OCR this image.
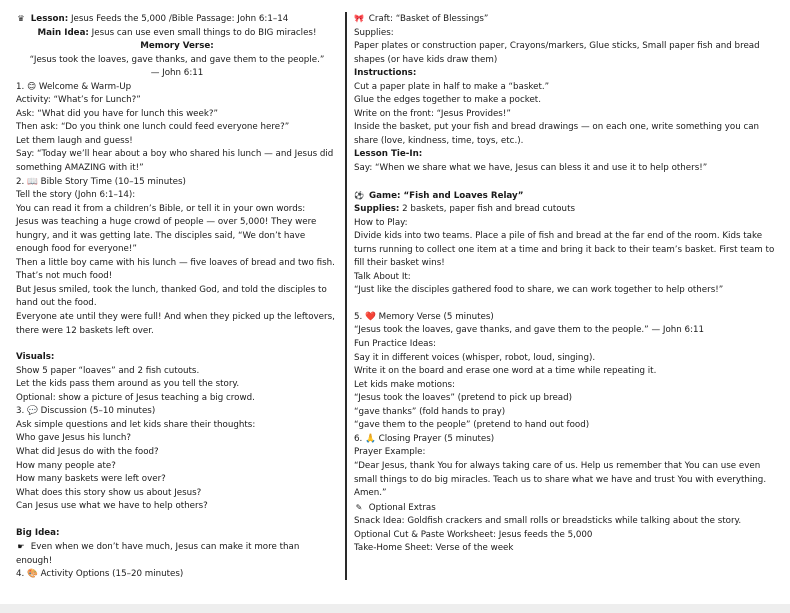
♛ Lesson: Jesus Feeds the 5,000 /Bible Passage: John 6:1–14
Main Idea: Jesus can use even small things to do BIG miracles!
Memory Verse:
“Jesus took the loaves, gave thanks, and gave them to the people.”
— John 6:11
1. 😊 Welcome & Warm-Up
Activity: “What’s for Lunch?”
Ask: “What did you have for lunch this week?”
Then ask: “Do you think one lunch could feed everyone here?”
Let them laugh and guess!
Say: “Today we’ll hear about a boy who shared his lunch — and Jesus did something AMAZING with it!”
2. 📖 Bible Story Time (10–15 minutes)
Tell the story (John 6:1–14):
You can read it from a children’s Bible, or tell it in your own words:
Jesus was teaching a huge crowd of people — over 5,000! They were hungry, and it was getting late. The disciples said, “We don’t have enough food for everyone!”
Then a little boy came with his lunch — five loaves of bread and two fish. That’s not much food!
But Jesus smiled, took the lunch, thanked God, and told the disciples to hand out the food.
Everyone ate until they were full! And when they picked up the leftovers, there were 12 baskets left over.
Visuals:
Show 5 paper “loaves” and 2 fish cutouts.
Let the kids pass them around as you tell the story.
Optional: show a picture of Jesus teaching a big crowd.
3. 💬 Discussion (5–10 minutes)
Ask simple questions and let kids share their thoughts:
Who gave Jesus his lunch?
What did Jesus do with the food?
How many people ate?
How many baskets were left over?
What does this story show us about Jesus?
Can Jesus use what we have to help others?
Big Idea:
☛ Even when we don’t have much, Jesus can make it more than enough!
4. 🎨 Activity Options (15–20 minutes)
🎀 Craft: “Basket of Blessings”
Supplies:
Paper plates or construction paper, Crayons/markers, Glue sticks, Small paper fish and bread shapes (or have kids draw them)
Instructions:
Cut a paper plate in half to make a “basket.”
Glue the edges together to make a pocket.
Write on the front: “Jesus Provides!”
Inside the basket, put your fish and bread drawings — on each one, write something you can share (love, kindness, time, toys, etc.).
Lesson Tie-In:
Say: “When we share what we have, Jesus can bless it and use it to help others!”
⚽ Game: “Fish and Loaves Relay”
Supplies: 2 baskets, paper fish and bread cutouts
How to Play:
Divide kids into two teams. Place a pile of fish and bread at the far end of the room. Kids take turns running to collect one item at a time and bring it back to their team’s basket. First team to fill their basket wins!
Talk About It:
“Just like the disciples gathered food to share, we can work together to help others!”
5. ❤️ Memory Verse (5 minutes)
“Jesus took the loaves, gave thanks, and gave them to the people.” — John 6:11
Fun Practice Ideas:
Say it in different voices (whisper, robot, loud, singing).
Write it on the board and erase one word at a time while repeating it.
Let kids make motions:
“Jesus took the loaves” (pretend to pick up bread)
“gave thanks” (fold hands to pray)
“gave them to the people” (pretend to hand out food)
6. 🙏 Closing Prayer (5 minutes)
Prayer Example:
“Dear Jesus, thank You for always taking care of us. Help us remember that You can use even small things to do big miracles. Teach us to share what we have and trust You with everything. Amen.”
✎ Optional Extras
Snack Idea: Goldfish crackers and small rolls or breadsticks while talking about the story.
Optional Cut & Paste Worksheet: Jesus feeds the 5,000
Take-Home Sheet: Verse of the week
